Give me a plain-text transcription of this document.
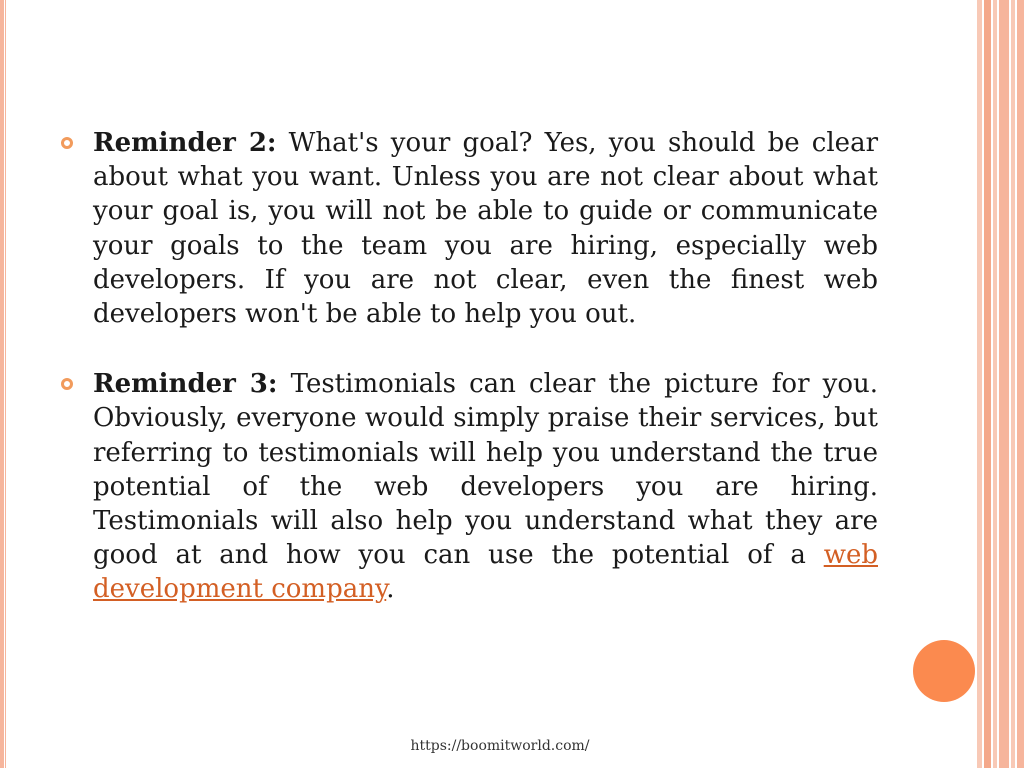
Reminder 2: What's your goal? Yes, you should be clear about what you want. Unless you are not clear about what your goal is, you will not be able to guide or communicate your goals to the team you are hiring, especially web developers. If you are not clear, even the finest web developers won't be able to help you out.
Reminder 3: Testimonials can clear the picture for you. Obviously, everyone would simply praise their services, but referring to testimonials will help you understand the true potential of the web developers you are hiring. Testimonials will also help you understand what they are good at and how you can use the potential of a web development company.
https://boomitworld.com/
